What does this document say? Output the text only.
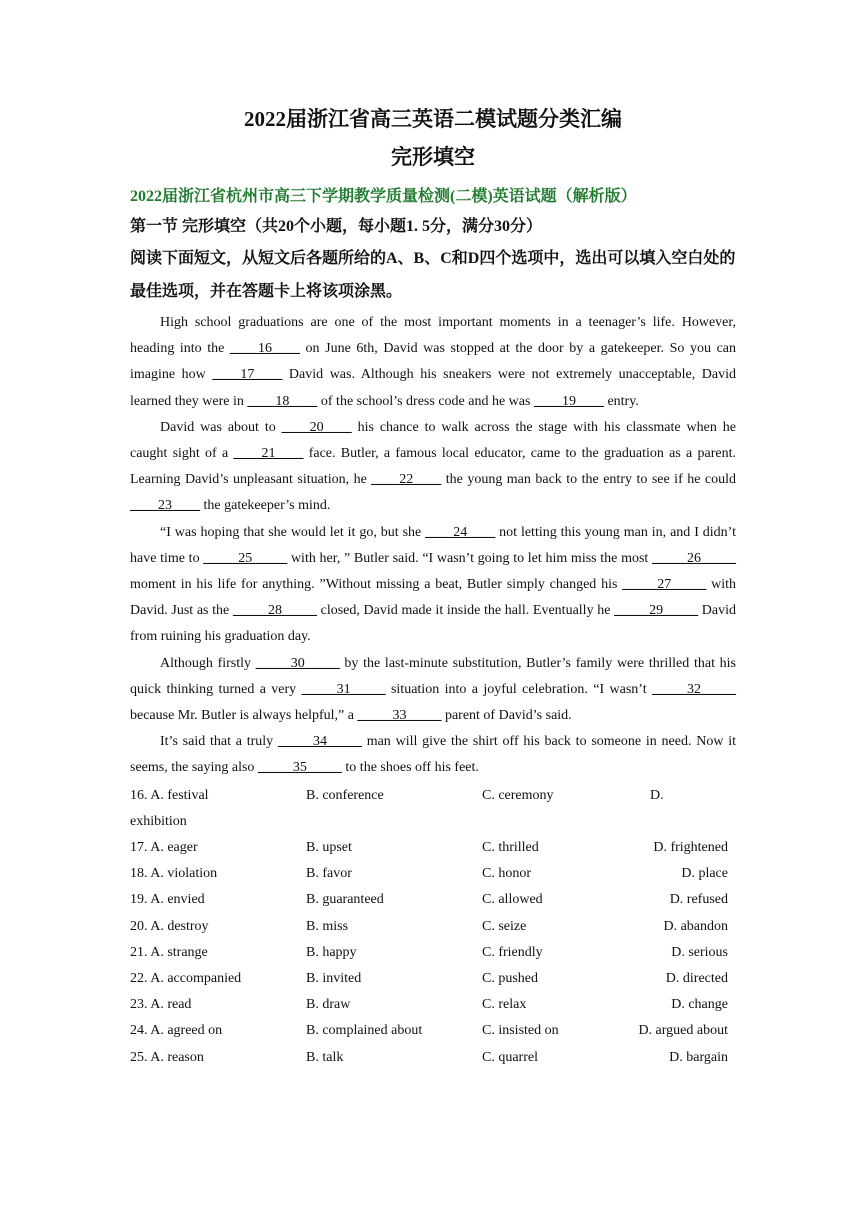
2022届浙江省高三英语二模试题分类汇编
完形填空

2022届浙江省杭州市高三下学期教学质量检测(二模)英语试题（解析版）

第一节 完形填空（共20个小题，每小题1. 5分，满分30分）

阅读下面短文，从短文后各题所给的A、B、C和D四个选项中，选出可以填入空白处的最佳选项，并在答题卡上将该项涂黑。

High school graduations are one of the most important moments in a teenager’s life. However, heading into the ____16____ on June 6th, David was stopped at the door by a gatekeeper. So you can imagine how ____17____ David was. Although his sneakers were not extremely unacceptable, David learned they were in ____18____ of the school’s dress code and he was ____19____ entry.

David was about to ____20____ his chance to walk across the stage with his classmate when he caught sight of a ____21____ face. Butler, a famous local educator, came to the graduation as a parent. Learning David’s unpleasant situation, he ____22____ the young man back to the entry to see if he could ____23____ the gatekeeper’s mind.

“I was hoping that she would let it go, but she ____24____ not letting this young man in, and I didn’t have time to _____25_____ with her, ” Butler said. “I wasn’t going to let him miss the most _____26_____ moment in his life for anything. ”Without missing a beat, Butler simply changed his _____27_____ with David. Just as the _____28_____ closed, David made it inside the hall. Eventually he _____29_____ David from ruining his graduation day.

Although firstly _____30_____ by the last-minute substitution, Butler’s family were thrilled that his quick thinking turned a very _____31_____ situation into a joyful celebration. “I wasn’t _____32_____ because Mr. Butler is always helpful,” a _____33_____ parent of David’s said.

It’s said that a truly _____34_____ man will give the shirt off his back to someone in need. Now it seems, the saying also _____35_____ to the shoes off his feet.

16. A. festival	B. conference	C. ceremony	D.
exhibition
17. A. eager	B. upset	C. thrilled	D. frightened
18. A. violation	B. favor	C. honor	D. place
19. A. envied	B. guaranteed	C. allowed	D. refused
20. A. destroy	B. miss	C. seize	D. abandon
21. A. strange	B. happy	C. friendly	D. serious
22. A. accompanied	B. invited	C. pushed	D. directed
23. A. read	B. draw	C. relax	D. change
24. A. agreed on	B. complained about	C. insisted on	D. argued about
25. A. reason	B. talk	C. quarrel	D. bargain
